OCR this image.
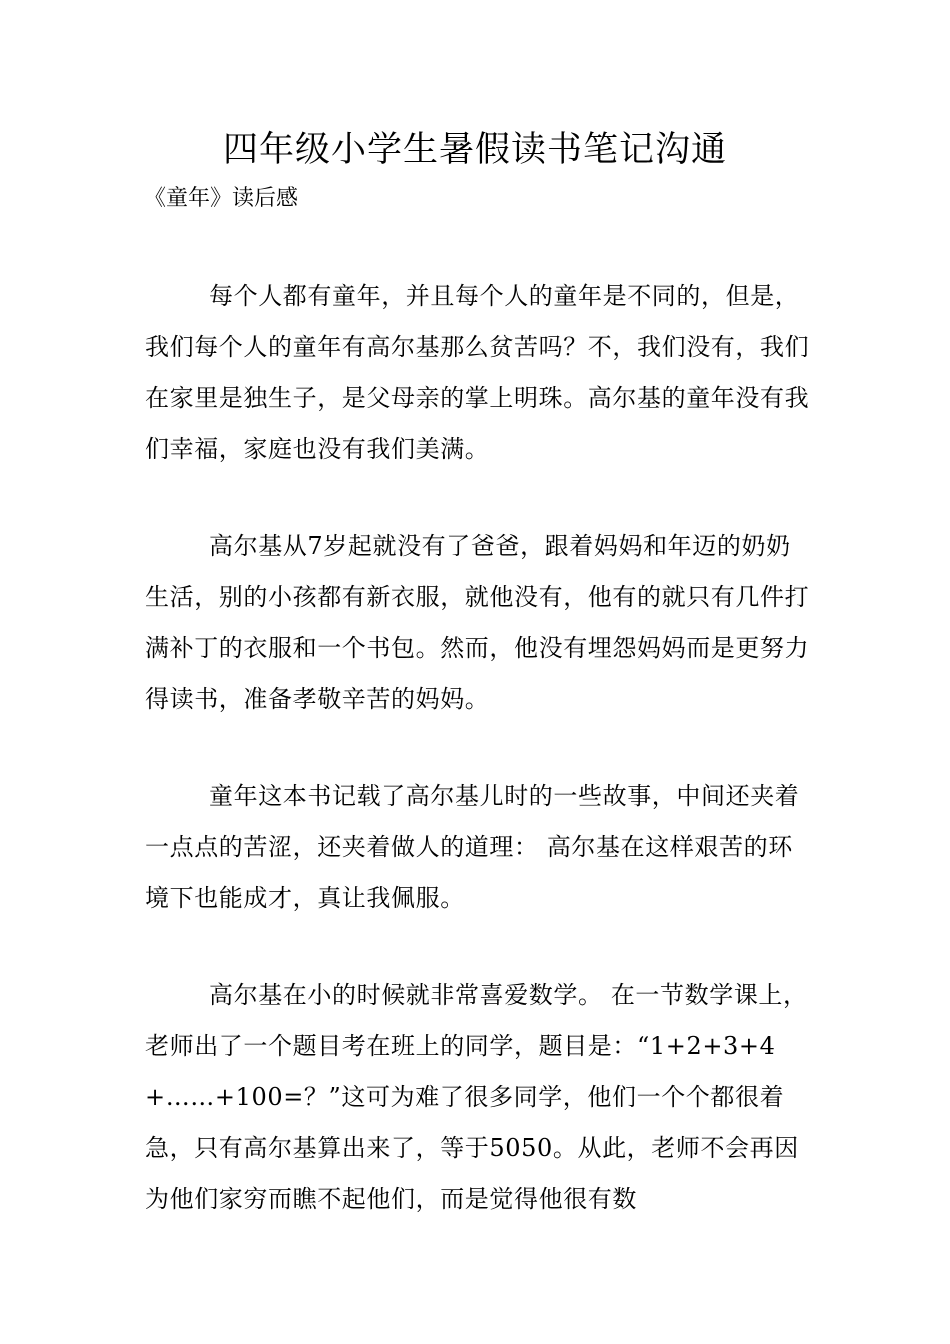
四年级小学生暑假读书笔记沟通

《童年》读后感

每个人都有童年，并且每个人的童年是不同的，但是，我们每个人的童年有高尔基那么贫苦吗？不，我们没有，我们在家里是独生子，是父母亲的掌上明珠。高尔基的童年没有我们幸福，家庭也没有我们美满。

高尔基从7岁起就没有了爸爸，跟着妈妈和年迈的奶奶生活，别的小孩都有新衣服，就他没有，他有的就只有几件打满补丁的衣服和一个书包。然而，他没有埋怨妈妈而是更努力得读书，准备孝敬辛苦的妈妈。

童年这本书记载了高尔基儿时的一些故事，中间还夹着一点点的苦涩，还夹着做人的道理： 高尔基在这样艰苦的环境下也能成才，真让我佩服。

高尔基在小的时候就非常喜爱数学。 在一节数学课上，老师出了一个题目考在班上的同学，题目是：“1+2+3+4+……+100=？”这可为难了很多同学，他们一个个都很着急，只有高尔基算出来了，等于5050。从此，老师不会再因为他们家穷而瞧不起他们，而是觉得他很有数
